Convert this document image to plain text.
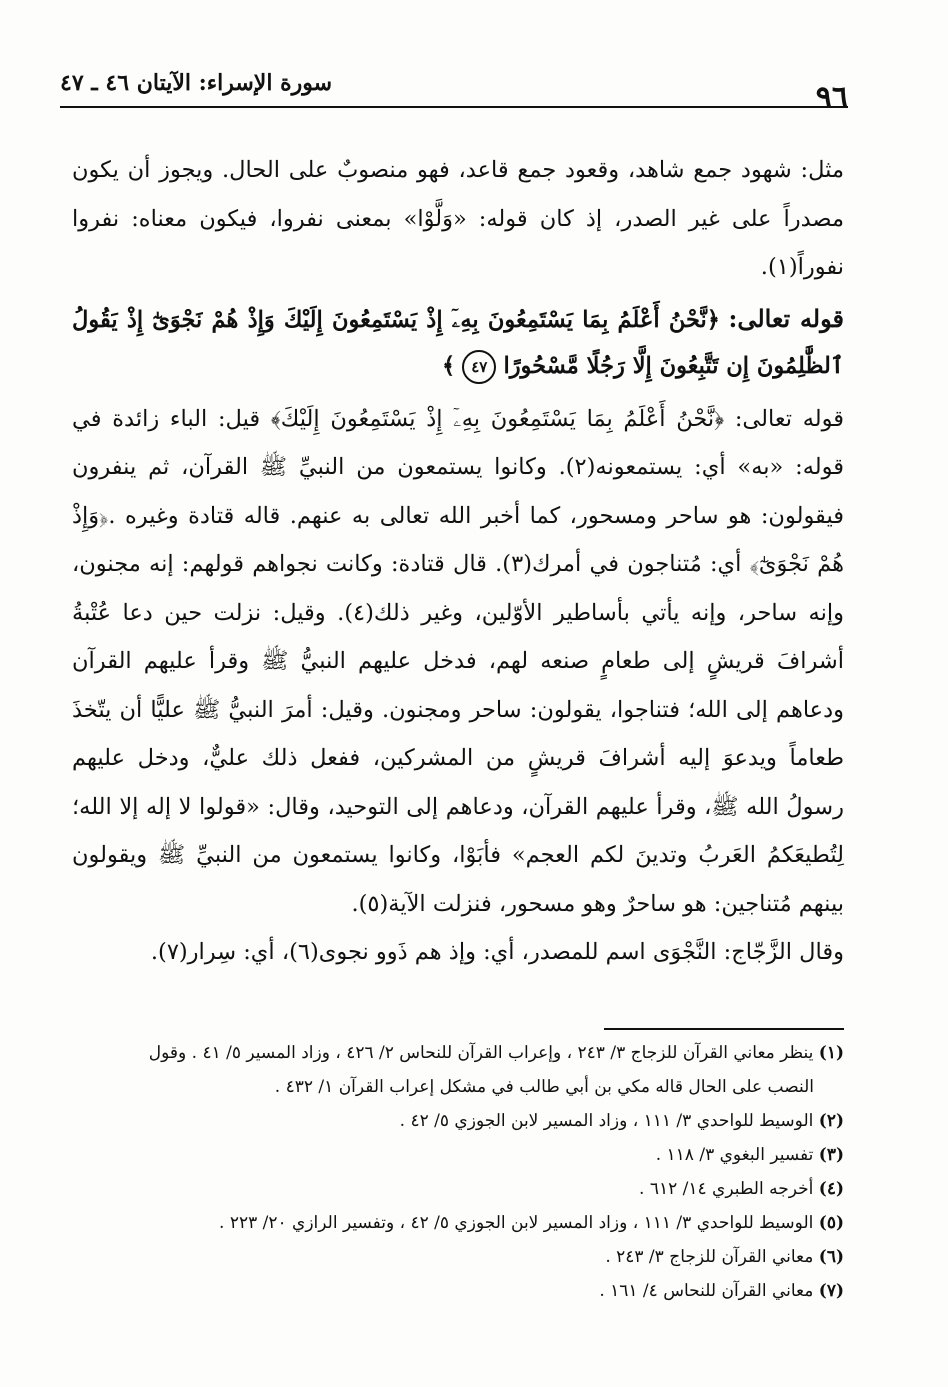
٩٦
سورة الإسراء: الآيتان ٤٦ ـ ٤٧

مثل: شهود جمع شاهد، وقعود جمع قاعد، فهو منصوبٌ على الحال. ويجوز أن يكون مصدراً على غير الصدر، إذ كان قوله: «وَلَّوْا» بمعنى نفروا، فيكون معناه: نفروا نفوراً(١).

قوله تعالى: ﴿نَّحْنُ أَعْلَمُ بِمَا يَسْتَمِعُونَ بِهِۦٓ إِذْ يَسْتَمِعُونَ إِلَيْكَ وَإِذْ هُمْ نَجْوَىٰٓ إِذْ يَقُولُ ٱلظَّٰلِمُونَ إِن تَتَّبِعُونَ إِلَّا رَجُلًا مَّسْحُورًا ٤٧ ﴾

قوله تعالى: ﴿نَّحْنُ أَعْلَمُ بِمَا يَسْتَمِعُونَ بِهِۦٓ إِذْ يَسْتَمِعُونَ إِلَيْكَ﴾ قيل: الباء زائدة في قوله: «به» أي: يستمعونه(٢). وكانوا يستمعون من النبيِّ ﷺ القرآن، ثم ينفرون فيقولون: هو ساحر ومسحور، كما أخبر الله تعالى به عنهم. قاله قتادة وغيره .﴿وَإِذْ هُمْ نَجْوَىٰٓ﴾ أي: مُتناجون في أمرك(٣). قال قتادة: وكانت نجواهم قولهم: إنه مجنون، وإنه ساحر، وإنه يأتي بأساطير الأوّلين، وغير ذلك(٤). وقيل: نزلت حين دعا عُتْبةُ أشرافَ قريشٍ إلى طعامٍ صنعه لهم، فدخل عليهم النبيُّ ﷺ وقرأ عليهم القرآن ودعاهم إلى الله؛ فتناجوا، يقولون: ساحر ومجنون. وقيل: أمرَ النبيُّ ﷺ عليًّا أن يتّخذَ طعاماً ويدعوَ إليه أشرافَ قريشٍ من المشركين، ففعل ذلك عليٌّ، ودخل عليهم رسولُ الله ﷺ، وقرأ عليهم القرآن، ودعاهم إلى التوحيد، وقال: «قولوا لا إله إلا الله؛ لِتُطيعَكمُ العَربُ وتدينَ لكم العجم» فأبَوْا، وكانوا يستمعون من النبيِّ ﷺ ويقولون بينهم مُتناجين: هو ساحرٌ وهو مسحور، فنزلت الآية(٥).

وقال الزَّجّاج: النَّجْوَى اسم للمصدر، أي: وإذ هم ذَوو نجوى(٦)، أي: سِرار(٧).

(١) ينظر معاني القرآن للزجاج ٣/ ٢٤٣ ، وإعراب القرآن للنحاس ٢/ ٤٢٦ ، وزاد المسير ٥/ ٤١ . وقول

النصب على الحال قاله مكي بن أبي طالب في مشكل إعراب القرآن ١/ ٤٣٢ .

(٢) الوسيط للواحدي ٣/ ١١١ ، وزاد المسير لابن الجوزي ٥/ ٤٢ .

(٣) تفسير البغوي ٣/ ١١٨ .

(٤) أخرجه الطبري ١٤/ ٦١٢ .

(٥) الوسيط للواحدي ٣/ ١١١ ، وزاد المسير لابن الجوزي ٥/ ٤٢ ، وتفسير الرازي ٢٠/ ٢٢٣ .

(٦) معاني القرآن للزجاج ٣/ ٢٤٣ .

(٧) معاني القرآن للنحاس ٤/ ١٦١ .
